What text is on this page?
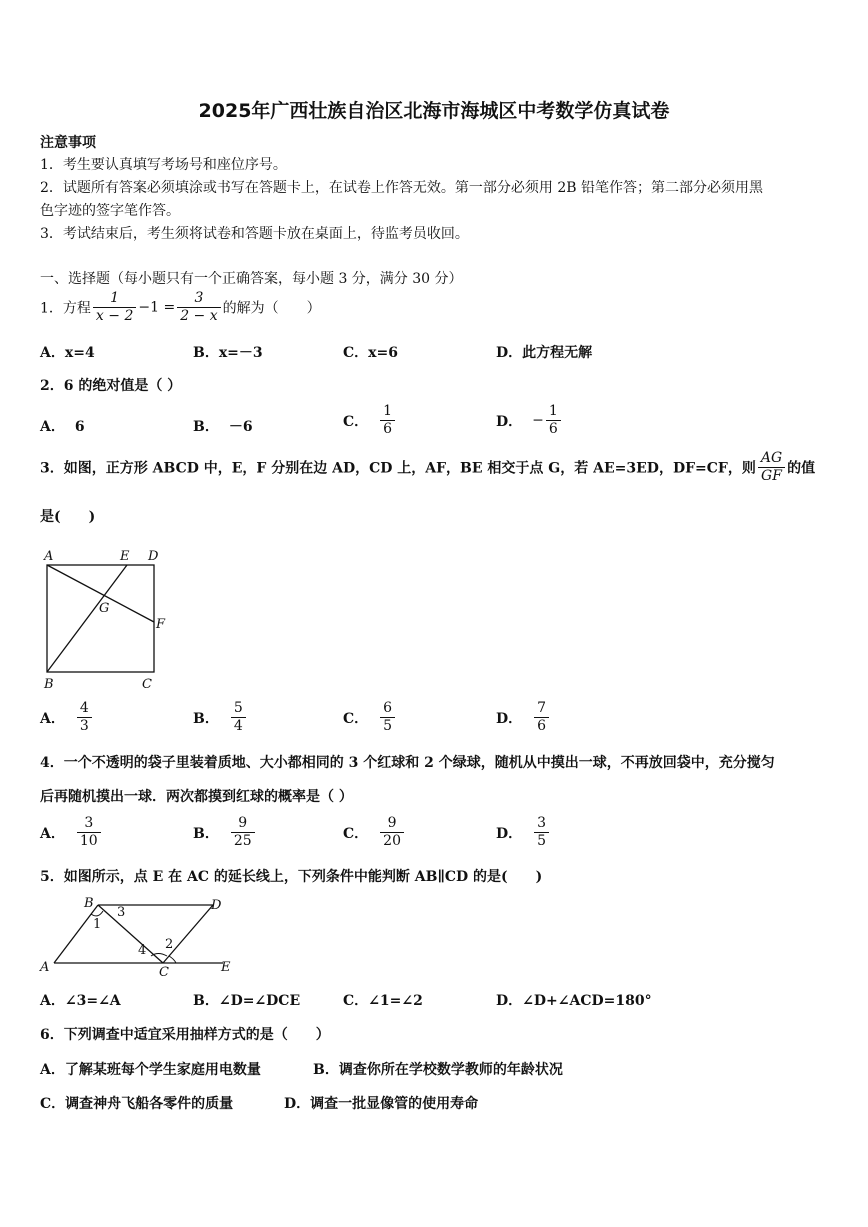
2025年广西壮族自治区北海市海城区中考数学仿真试卷
注意事项
1．考生要认真填写考场号和座位序号。
2．试题所有答案必须填涂或书写在答题卡上，在试卷上作答无效。第一部分必须用 2B 铅笔作答；第二部分必须用黑
色字迹的签字笔作答。
3．考试结束后，考生须将试卷和答题卡放在桌面上，待监考员收回。
一、选择题（每小题只有一个正确答案，每小题 3 分，满分 30 分）
1．方程 $\frac{1}{x - 2} -1 = \frac{3}{2 - x}$ 的解为（　　）
A．x=4	B．x=－3	C．x=6	D．此方程无解
2．6 的绝对值是（ ）
A． 6	B． －6	C． $\frac{1}{6}$	D． − $\frac{1}{6}$
3．如图，正方形 ABCD 中，E，F 分别在边 AD，CD 上，AF，BE 相交于点 G，若 AE=3ED，DF=CF，则 $\frac{AG}{GF}$ 的值
是(　　)
A	E D
G
F
B	C
A． $\frac{4}{3}$	B． $\frac{5}{4}$	C． $\frac{6}{5}$	D． $\frac{7}{6}$
4．一个不透明的袋子里装着质地、大小都相同的 3 个红球和 2 个绿球，随机从中摸出一球，不再放回袋中，充分搅匀
后再随机摸出一球．两次都摸到红球的概率是（ ）
A． $\frac{3}{10}$	B． $\frac{9}{25}$	C． $\frac{9}{20}$	D． $\frac{3}{5}$
5．如图所示，点 E 在 AC 的延长线上，下列条件中能判断 AB∥CD 的是(　　)
B
3	D
1
2
4
A	C	E
A．∠3=∠A	B．∠D=∠DCE	C．∠1=∠2	D．∠D+∠ACD=180°
6．下列调查中适宜采用抽样方式的是（　　）
A．了解某班每个学生家庭用电数量	B．调查你所在学校数学教师的年龄状况
C．调查神舟飞船各零件的质量	D．调查一批显像管的使用寿命
